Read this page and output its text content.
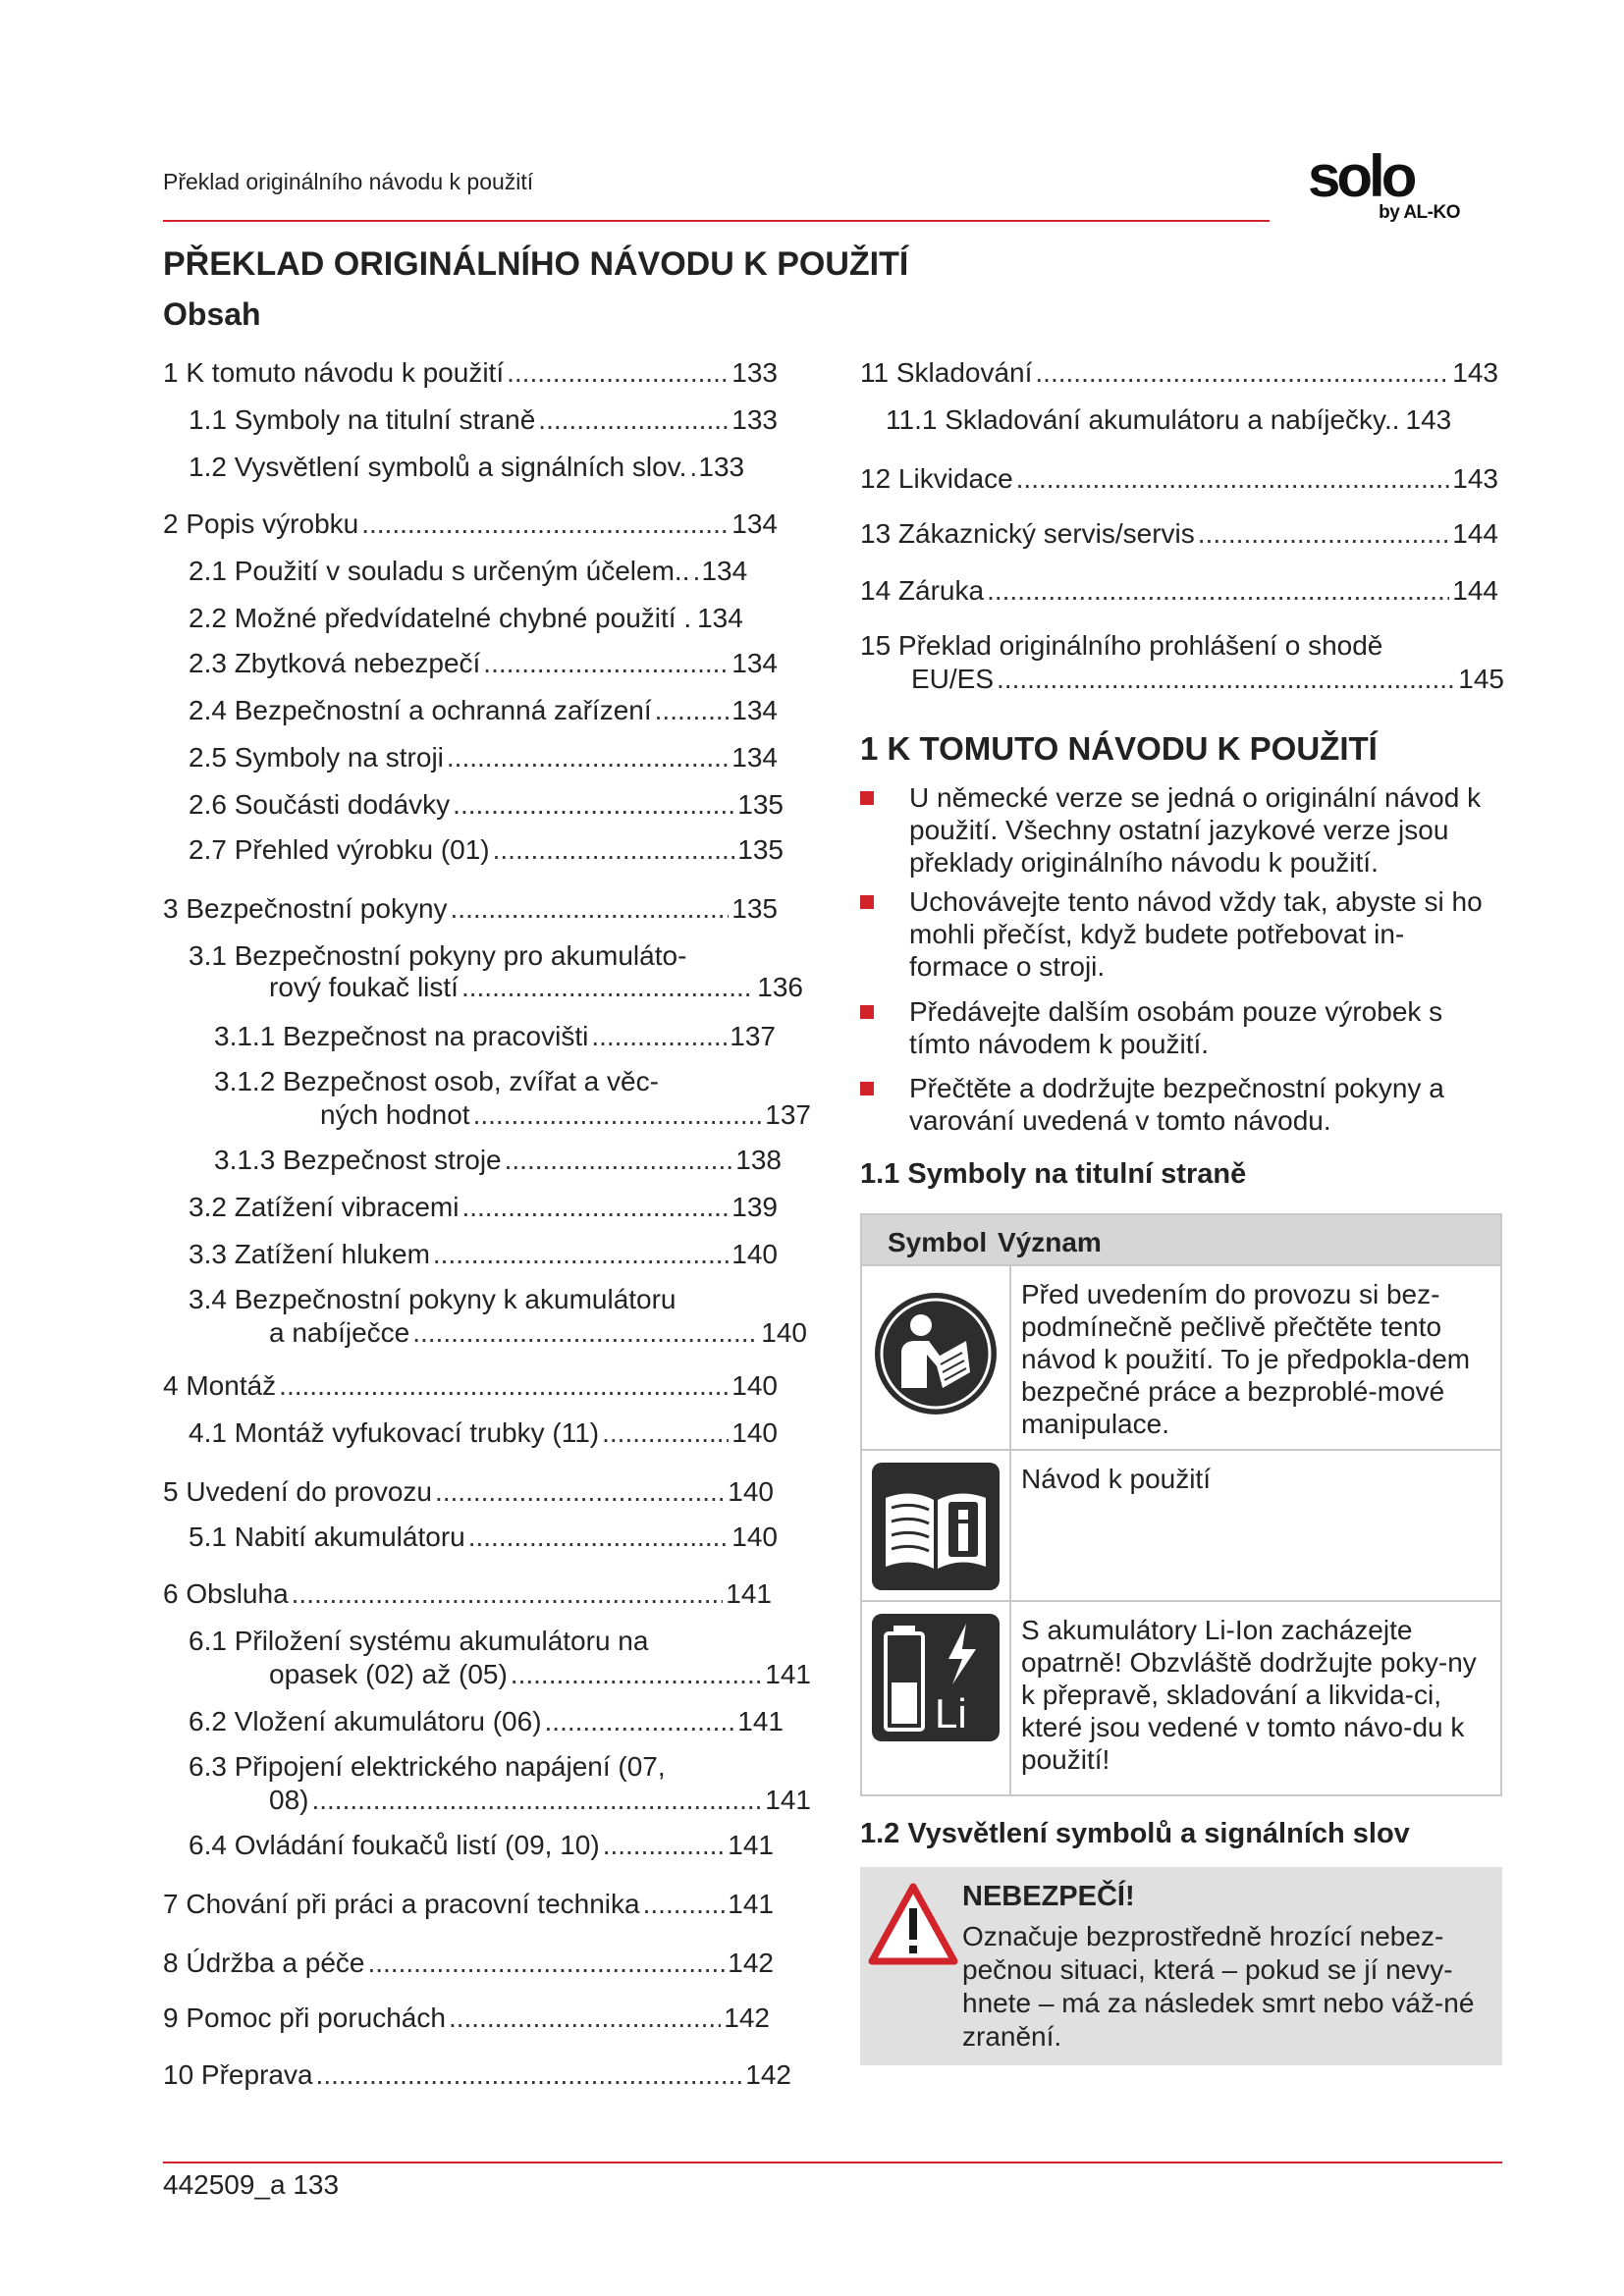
Překlad originálního návodu k použití	solo
by AL-KO
PŘEKLAD ORIGINÁLNÍHO NÁVODU K POUŽITÍ
Obsah
1 K tomuto návodu k použití .....	133
1.1 Symboly na titulní straně .....	133
1.2 Vysvětlení symbolů a signálních slov. ..... 133
2 Popis výrobku .....	134
2.1 Použití v souladu s určeným účelem.. ..... 134
2.2 Možné předvídatelné chybné použití . 134
2.3 Zbytková nebezpečí .....	134
2.4 Bezpečnostní a ochranná zařízení .....	134
2.5 Symboly na stroji .....	134
2.6 Součásti dodávky .....	135
2.7 Přehled výrobku (01) .....	135
3 Bezpečnostní pokyny .....	135
3.1 Bezpečnostní pokyny pro akumuláto-
rový foukač listí .....	136
3.1.1 Bezpečnost na pracovišti .....	137
3.1.2 Bezpečnost osob, zvířat a věc-
ných hodnot .....	137
3.1.3 Bezpečnost stroje .....	138
3.2 Zatížení vibracemi .....	139
3.3 Zatížení hlukem .....	140
3.4 Bezpečnostní pokyny k akumulátoru
a nabíječce .....	140
4 Montáž .....	140
4.1 Montáž vyfukovací trubky (11) .....	140
5 Uvedení do provozu .....	140
5.1 Nabití akumulátoru .....	140
6 Obsluha .....	141
6.1 Přiložení systému akumulátoru na
opasek (02) až (05) .....	141
6.2 Vložení akumulátoru (06) .....	141
6.3 Připojení elektrického napájení (07,
08) .....	141
6.4 Ovládání foukačů listí (09, 10) .....	141
7 Chování při práci a pracovní technika .....	141
8 Údržba a péče .....	142
9 Pomoc při poruchách .....	142
10 Přeprava .....	142
11 Skladování .....	143
11.1 Skladování akumulátoru a nabíječky.. 143
12 Likvidace .....	143
13 Zákaznický servis/servis .....	144
14 Záruka .....	144
15 Překlad originálního prohlášení o shodě
EU/ES .....	145
1 K TOMUTO NÁVODU K POUŽITÍ
U německé verze se jedná o originální návod k použití. Všechny ostatní jazykové verze jsou překlady originálního návodu k použití.
Uchovávejte tento návod vždy tak, abyste si ho mohli přečíst, když budete potřebovat in-formace o stroji.
Předávejte dalším osobám pouze výrobek s tímto návodem k použití.
Přečtěte a dodržujte bezpečnostní pokyny a varování uvedená v tomto návodu.
1.1 Symboly na titulní straně
Symbol Význam
Před uvedením do provozu si bez-podmínečně pečlivě přečtěte tento návod k použití. To je předpokla-dem bezpečné práce a bezproblé-mové manipulace.
Návod k použití
Li
S akumulátory Li-Ion zacházejte opatrně! Obzvláště dodržujte poky-ny k přepravě, skladování a likvida-ci, které jsou vedené v tomto návo-du k použití!
1.2 Vysvětlení symbolů a signálních slov
NEBEZPEČÍ!
Označuje bezprostředně hrozící nebez-pečnou situaci, která – pokud se jí nevy-hnete – má za následek smrt nebo váž-né zranění.
442509_a 133
